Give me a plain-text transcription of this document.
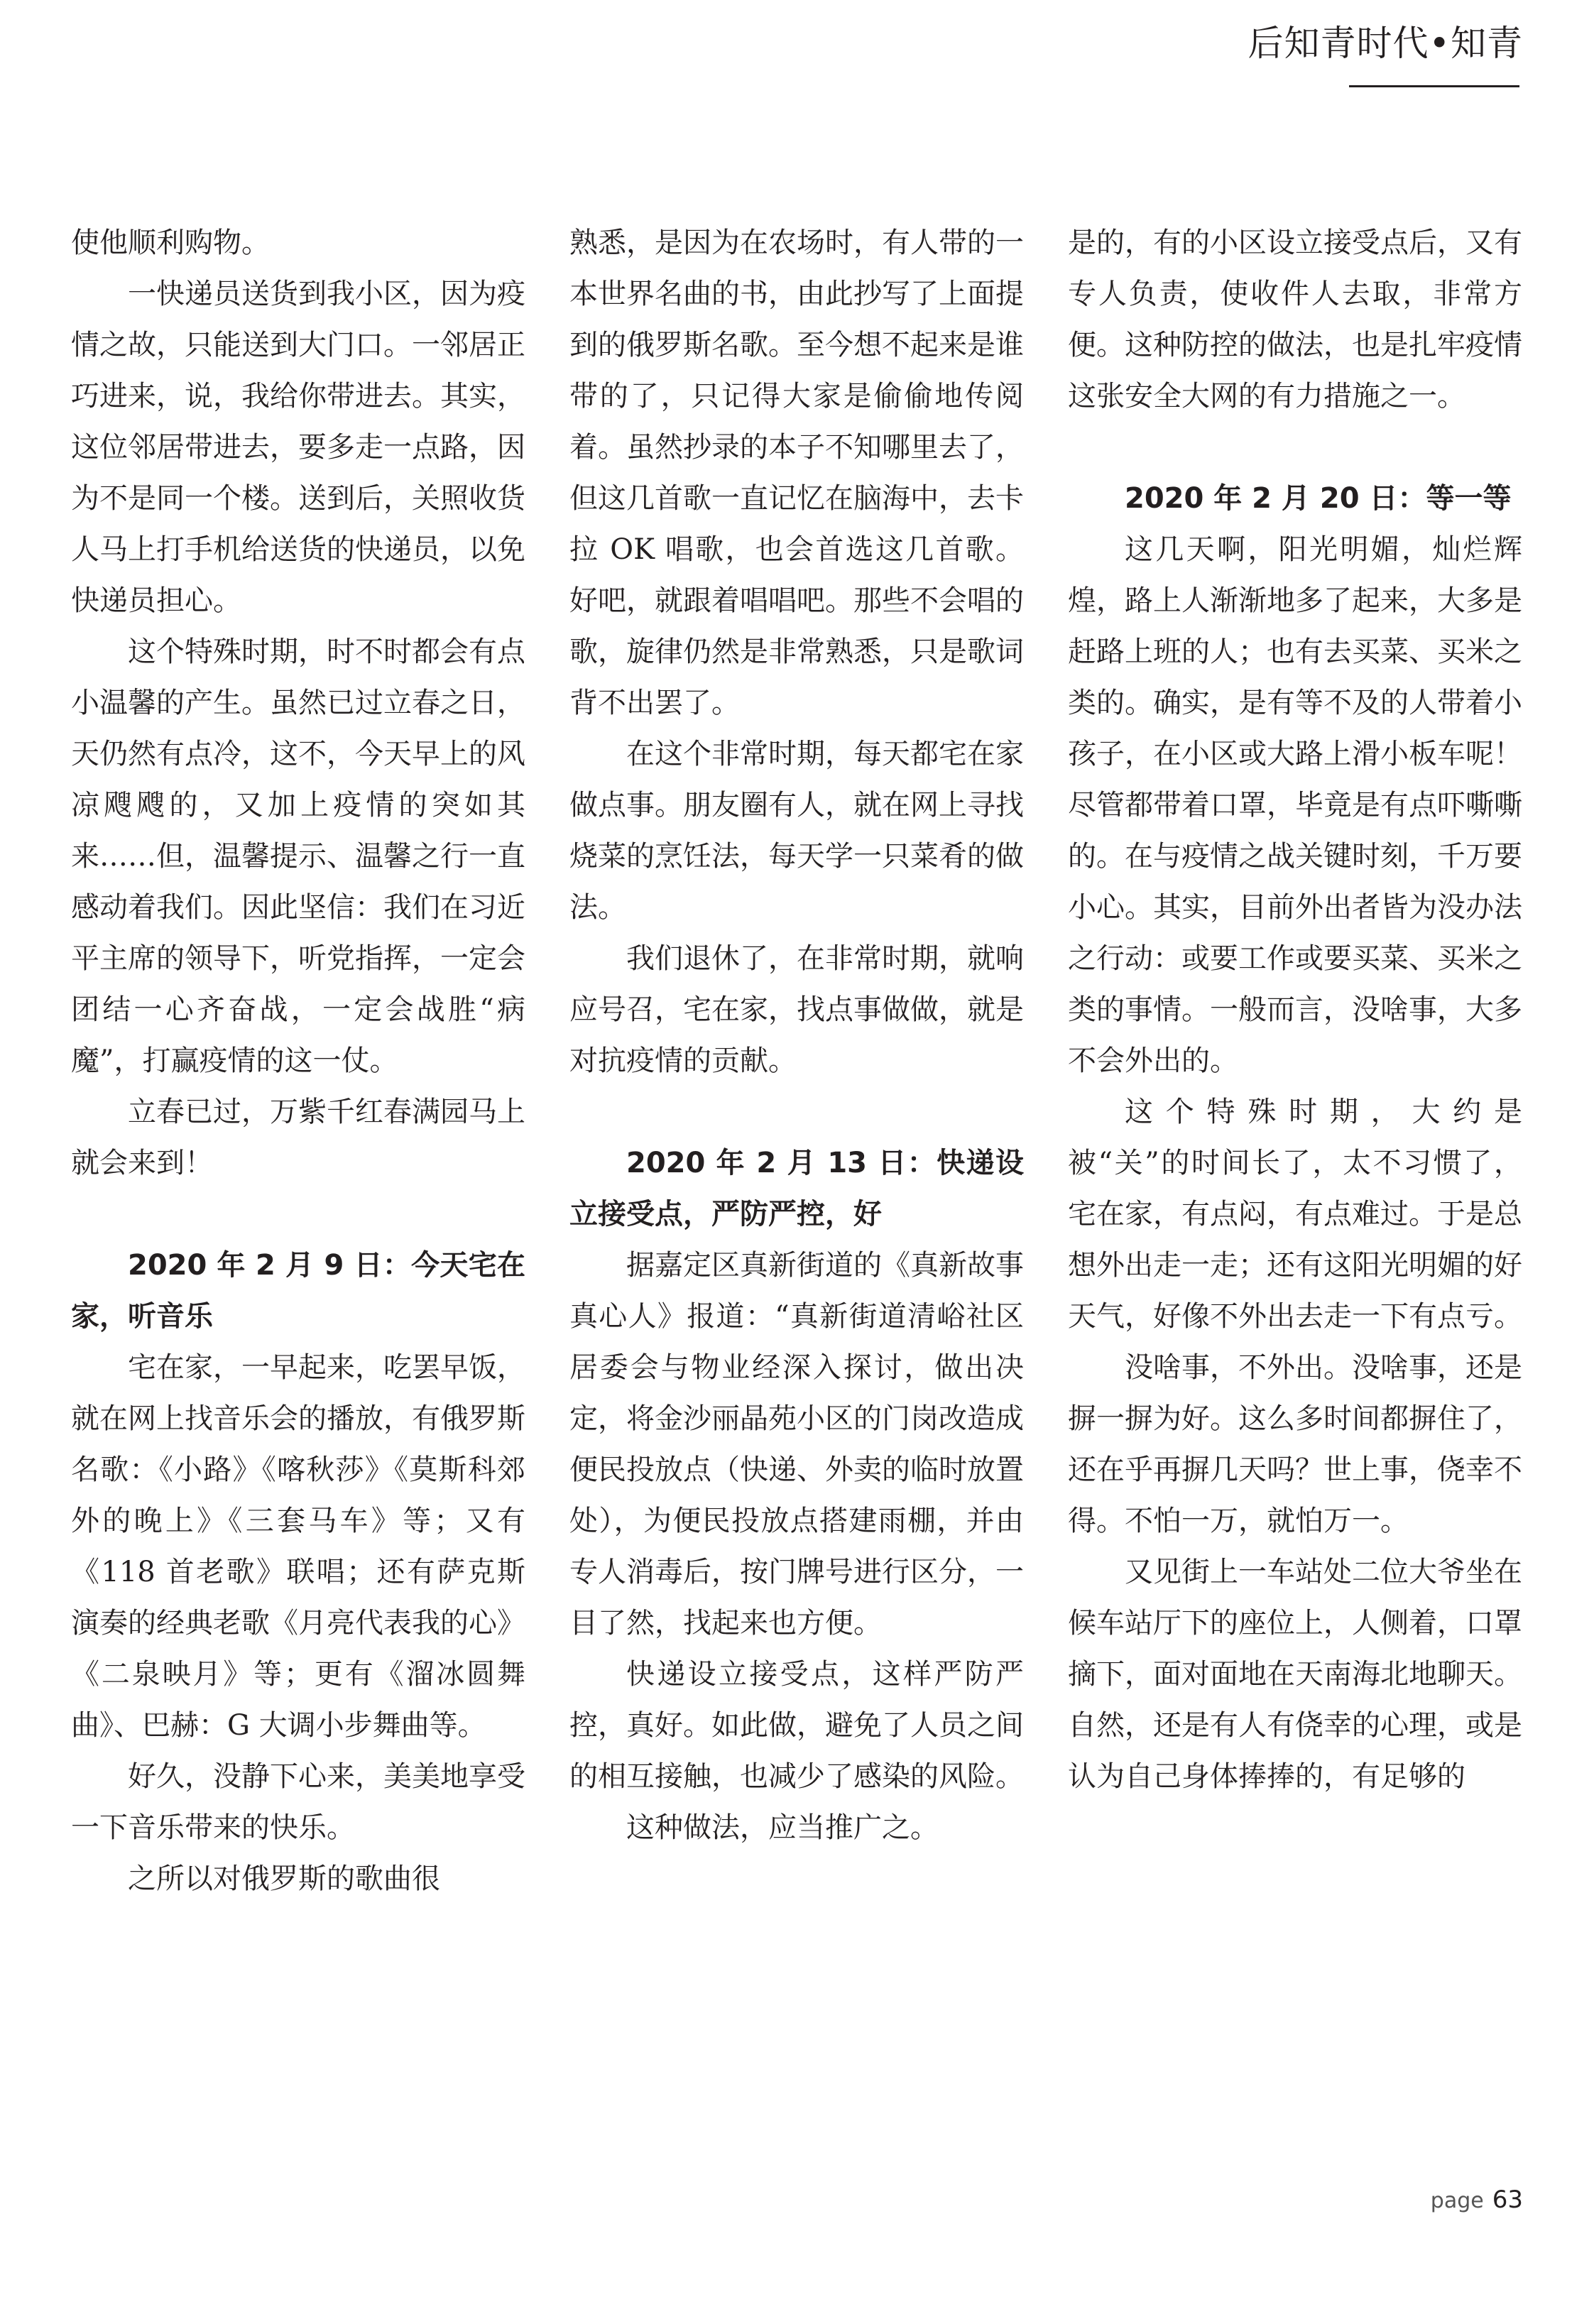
后知青时代•知青

使他顺利购物。

一快递员送货到我小区，因为疫情之故，只能送到大门口。一邻居正巧进来，说，我给你带进去。其实，这位邻居带进去，要多走一点路，因为不是同一个楼。送到后，关照收货人马上打手机给送货的快递员，以免快递员担心。

这个特殊时期，时不时都会有点小温馨的产生。虽然已过立春之日，天仍然有点冷，这不，今天早上的风凉飕飕的，又加上疫情的突如其来……但，温馨提示、温馨之行一直感动着我们。因此坚信：我们在习近平主席的领导下，听党指挥，一定会团结一心齐奋战，一定会战胜“病魔”，打赢疫情的这一仗。

立春已过，万紫千红春满园马上就会来到！

2020 年 2 月 9 日：今天宅在家，听音乐

宅在家，一早起来，吃罢早饭，就在网上找音乐会的播放，有俄罗斯名歌：《小路》《喀秋莎》《莫斯科郊外的晚上》《三套马车》等；又有《118 首老歌》联唱；还有萨克斯演奏的经典老歌《月亮代表我的心》《二泉映月》等；更有《溜冰圆舞曲》、巴赫：G 大调小步舞曲等。

好久，没静下心来，美美地享受一下音乐带来的快乐。

之所以对俄罗斯的歌曲很

熟悉，是因为在农场时，有人带的一本世界名曲的书，由此抄写了上面提到的俄罗斯名歌。至今想不起来是谁带的了，只记得大家是偷偷地传阅着。虽然抄录的本子不知哪里去了，但这几首歌一直记忆在脑海中，去卡拉 OK 唱歌，也会首选这几首歌。好吧，就跟着唱唱吧。那些不会唱的歌，旋律仍然是非常熟悉，只是歌词背不出罢了。

在这个非常时期，每天都宅在家做点事。朋友圈有人，就在网上寻找烧菜的烹饪法，每天学一只菜肴的做法。

我们退休了，在非常时期，就响应号召，宅在家，找点事做做，就是对抗疫情的贡献。

2020 年 2 月 13 日：快递设立接受点，严防严控，好

据嘉定区真新街道的《真新故事真心人》报道：“真新街道清峪社区居委会与物业经深入探讨，做出决定，将金沙丽晶苑小区的门岗改造成便民投放点（快递、外卖的临时放置处），为便民投放点搭建雨棚，并由专人消毒后，按门牌号进行区分，一目了然，找起来也方便。

快递设立接受点，这样严防严控，真好。如此做，避免了人员之间的相互接触，也减少了感染的风险。

这种做法，应当推广之。

是的，有的小区设立接受点后，又有专人负责，使收件人去取，非常方便。这种防控的做法，也是扎牢疫情这张安全大网的有力措施之一。

2020 年 2 月 20 日：等一等

这几天啊，阳光明媚，灿烂辉煌，路上人渐渐地多了起来，大多是赶路上班的人；也有去买菜、买米之类的。确实，是有等不及的人带着小孩子，在小区或大路上滑小板车呢！尽管都带着口罩，毕竟是有点吓嘶嘶的。在与疫情之战关键时刻，千万要小心。其实，目前外出者皆为没办法之行动：或要工作或要买菜、买米之类的事情。一般而言，没啥事，大多不会外出的。

这个特殊时期，大约是被“关”的时间长了，太不习惯了，宅在家，有点闷，有点难过。于是总想外出走一走；还有这阳光明媚的好天气，好像不外出去走一下有点亏。

没啥事，不外出。没啥事，还是摒一摒为好。这么多时间都摒住了，还在乎再摒几天吗？世上事，侥幸不得。不怕一万，就怕万一。

又见街上一车站处二位大爷坐在候车站厅下的座位上，人侧着，口罩摘下，面对面地在天南海北地聊天。自然，还是有人有侥幸的心理，或是认为自己身体捧捧的，有足够的

page 63
